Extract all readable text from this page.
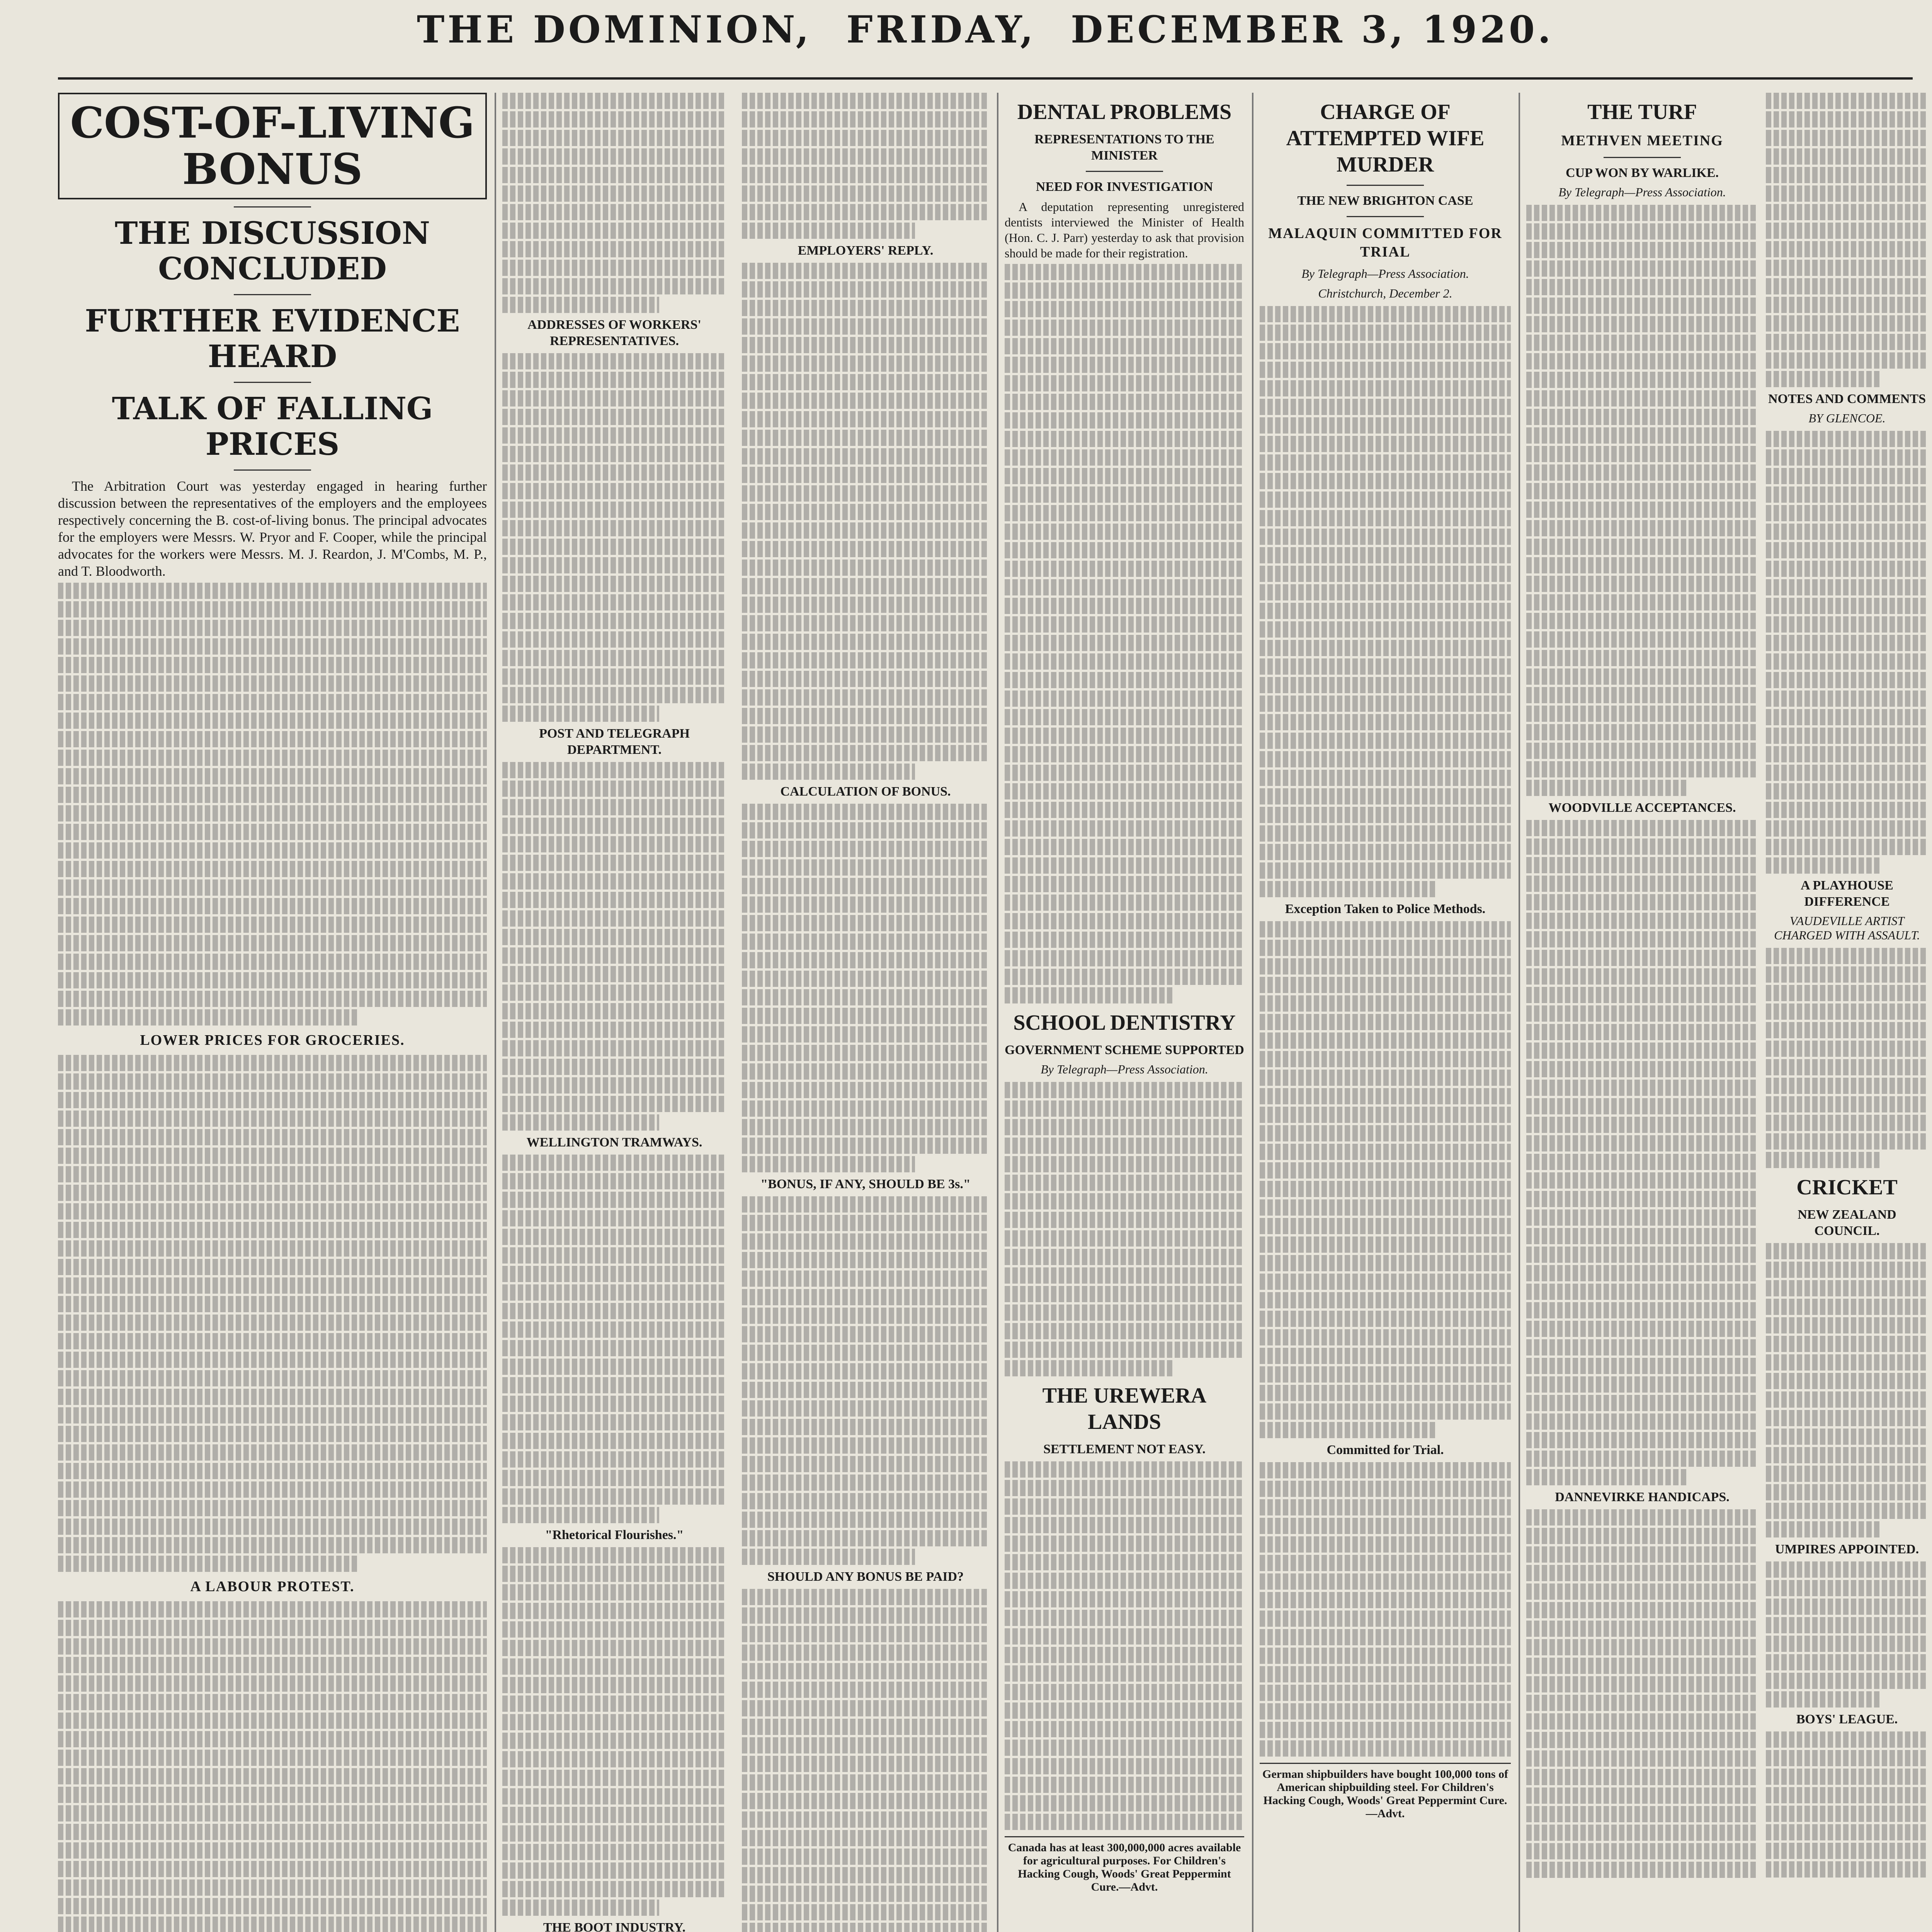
THE DOMINION, FRIDAY, DECEMBER 3, 1920.
COST-OF-LIVING BONUS
THE DISCUSSION CONCLUDED
FURTHER EVIDENCE HEARD
TALK OF FALLING PRICES

The Arbitration Court was yesterday engaged in hearing further discussion between the representatives of the employers and the employees respectively concerning the B. cost-of-living bonus. The principal advocates for the employers were Messrs. W. Pryor and F. Cooper, while the principal advocates for the workers were Messrs. M. J. Reardon, J. M'Combs, M. P., and T. Bloodworth.

LOWER PRICES FOR GROCERIES.
A LABOUR PROTEST.
ADDRESSES OF WORKERS' REPRESENTATIVES.
POST AND TELEGRAPH DEPARTMENT.
WELLINGTON TRAMWAYS.
"Rhetorical Flourishes."
THE BOOT INDUSTRY.
EMPLOYERS' REPLY.
CALCULATION OF BONUS.
"BONUS, IF ANY, SHOULD BE 3s."
SHOULD ANY BONUS BE PAID?
DENTAL PROBLEMS
REPRESENTATIONS TO THE MINISTER
NEED FOR INVESTIGATION

A deputation representing unregistered dentists interviewed the Minister of Health (Hon. C. J. Parr) yesterday to ask that provision should be made for their registration.

SCHOOL DENTISTRY
GOVERNMENT SCHEME SUPPORTED
By Telegraph—Press Association.
THE UREWERA LANDS
SETTLEMENT NOT EASY.
Canada has at least 300,000,000 acres available for agricultural purposes. For Children's Hacking Cough, Woods' Great Peppermint Cure.—Advt.
CHARGE OF ATTEMPTED WIFE MURDER
THE NEW BRIGHTON CASE
MALAQUIN COMMITTED FOR TRIAL
By Telegraph—Press Association.
Christchurch, December 2.
Exception Taken to Police Methods.
Committed for Trial.
German shipbuilders have bought 100,000 tons of American shipbuilding steel. For Children's Hacking Cough, Woods' Great Peppermint Cure.—Advt.
THE TURF
METHVEN MEETING
CUP WON BY WARLIKE.
By Telegraph—Press Association.
WOODVILLE ACCEPTANCES.
DANNEVIRKE HANDICAPS.
NOTES AND COMMENTS
BY GLENCOE.
A PLAYHOUSE DIFFERENCE
VAUDEVILLE ARTIST CHARGED WITH ASSAULT.
CRICKET
NEW ZEALAND COUNCIL.
UMPIRES APPOINTED.
BOYS' LEAGUE.
